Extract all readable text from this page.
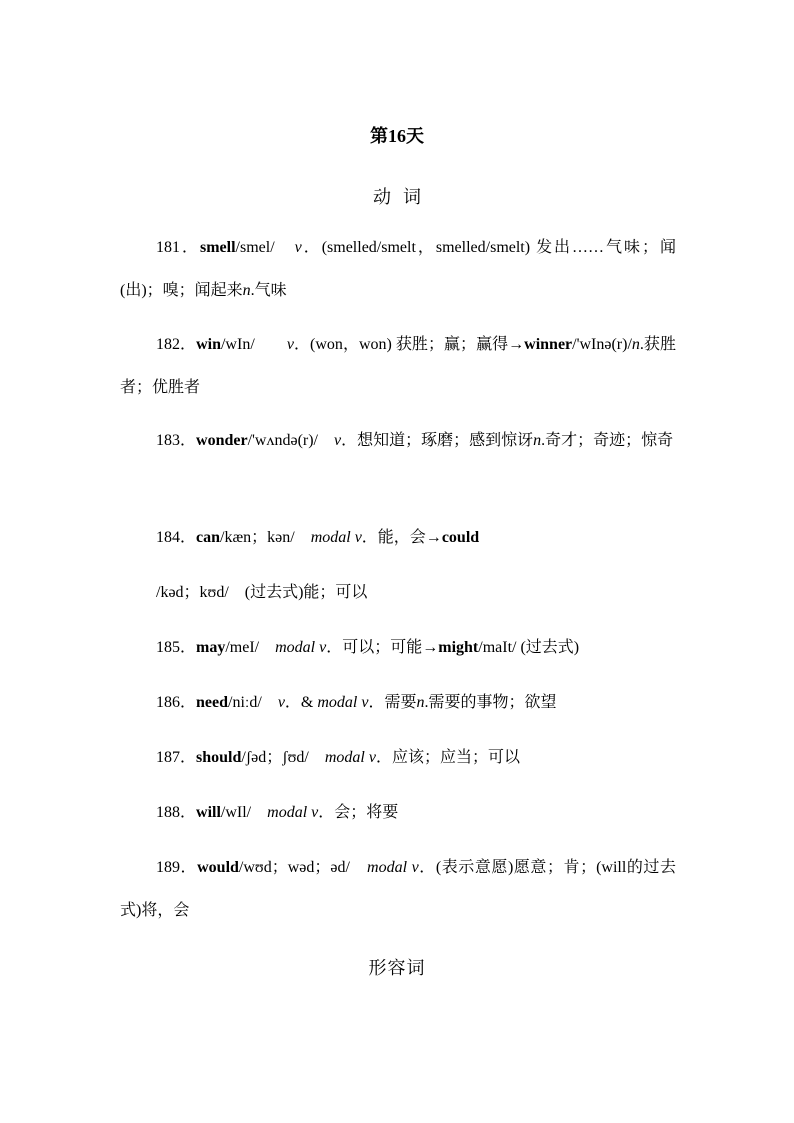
第16天
动词
181．smell/smel/　v．(smelled/smelt，smelled/smelt) 发出……气味；闻(出)；嗅；闻起来n.气味
182．win/wIn/　　v．(won，won) 获胜；赢；赢得→winner/'wInə(r)/n.获胜者；优胜者
183．wonder/'wʌndə(r)/　v．想知道；琢磨；感到惊讶n.奇才；奇迹；惊奇
184．can/kæn；kən/　modal v．能，会→could
/kəd；kʊd/　(过去式)能；可以
185．may/meI/　modal v．可以；可能→might/maIt/ (过去式)
186．need/niːd/　v．& modal v．需要n.需要的事物；欲望
187．should/ʃəd；ʃʊd/　modal v．应该；应当；可以
188．will/wIl/　modal v．会；将要
189．would/wʊd；wəd；əd/　modal v．(表示意愿)愿意；肯；(will的过去式)将，会
形容词
